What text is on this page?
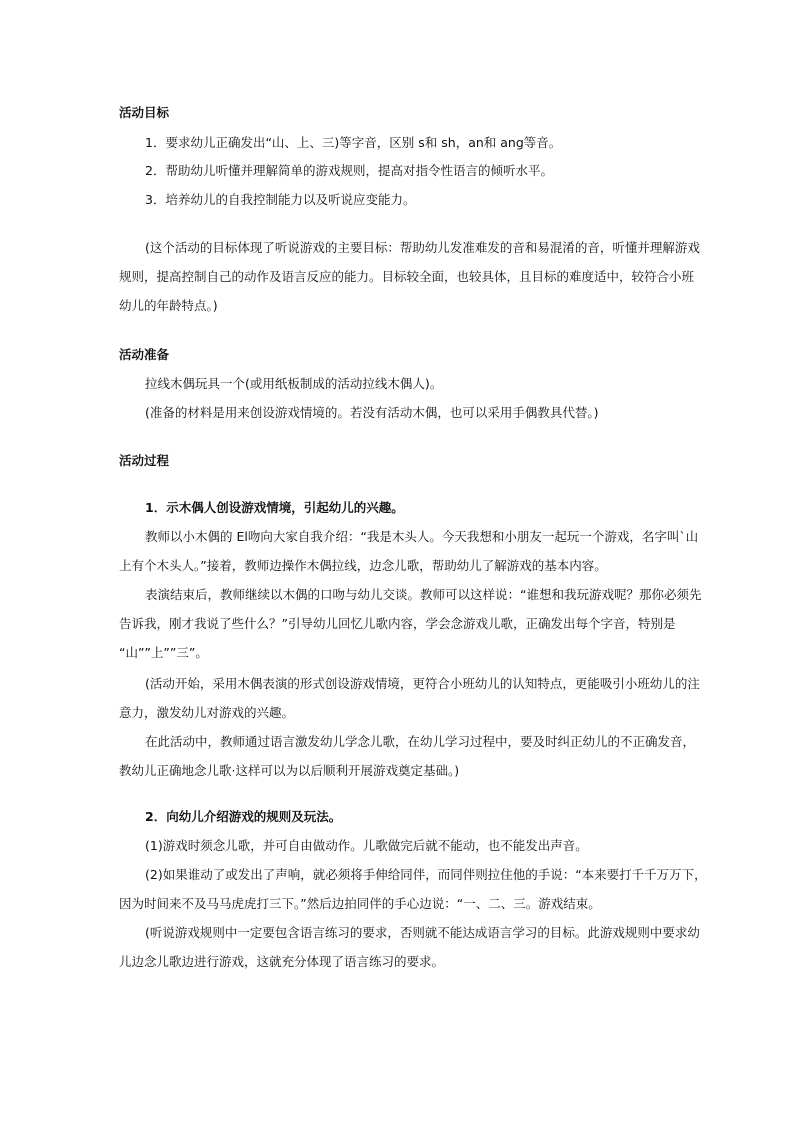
活动目标

1．要求幼儿正确发出“山、上、三)等字音，区别 s和 sh，an和 ang等音。

2．帮助幼儿听懂并理解简单的游戏规则，提高对指令性语言的倾听水平。

3．培养幼儿的自我控制能力以及听说应变能力。

(这个活动的目标体现了听说游戏的主要目标：帮助幼儿发准难发的音和易混淆的音，听懂并理解游戏

规则，提高控制自己的动作及语言反应的能力。目标较全面，也较具体，且目标的难度适中，较符合小班

幼儿的年龄特点。)

活动准备

拉线木偶玩具一个(或用纸板制成的活动拉线木偶人)。

(准备的材料是用来创设游戏情境的。若没有活动木偶，也可以采用手偶教具代替。)

活动过程

1．示木偶人创设游戏情境，引起幼儿的兴趣。

教师以小木偶的 El吻向大家自我介绍：“我是木头人。今天我想和小朋友一起玩一个游戏，名字叫`山

上有个木头人。”接着，教师边操作木偶拉线，边念儿歌，帮助幼儿了解游戏的基本内容。

表演结束后，教师继续以木偶的口吻与幼儿交谈。教师可以这样说：“谁想和我玩游戏呢？那你必须先

告诉我，刚才我说了些什么？”引导幼儿回忆儿歌内容，学会念游戏儿歌，正确发出每个字音，特别是

“山””上””三”。

(活动开始，采用木偶表演的形式创设游戏情境，更符合小班幼儿的认知特点，更能吸引小班幼儿的注

意力，激发幼儿对游戏的兴趣。

在此活动中，教师通过语言激发幼儿学念儿歌，在幼儿学习过程中，要及时纠正幼儿的不正确发音，

教幼儿正确地念儿歌·这样可以为以后顺利开展游戏奠定基础。)

2．向幼儿介绍游戏的规则及玩法。

(1)游戏时须念儿歌，并可自由做动作。儿歌做完后就不能动，也不能发出声音。

(2)如果谁动了或发出了声响，就必须将手伸给同伴，而同伴则拉住他的手说：“本来要打千千万万下，

因为时间来不及马马虎虎打三下。”然后边拍同伴的手心边说：“一、二、三。游戏结束。

(听说游戏规则中一定要包含语言练习的要求，否则就不能达成语言学习的目标。此游戏规则中要求幼

儿边念儿歌边进行游戏，这就充分体现了语言练习的要求。
